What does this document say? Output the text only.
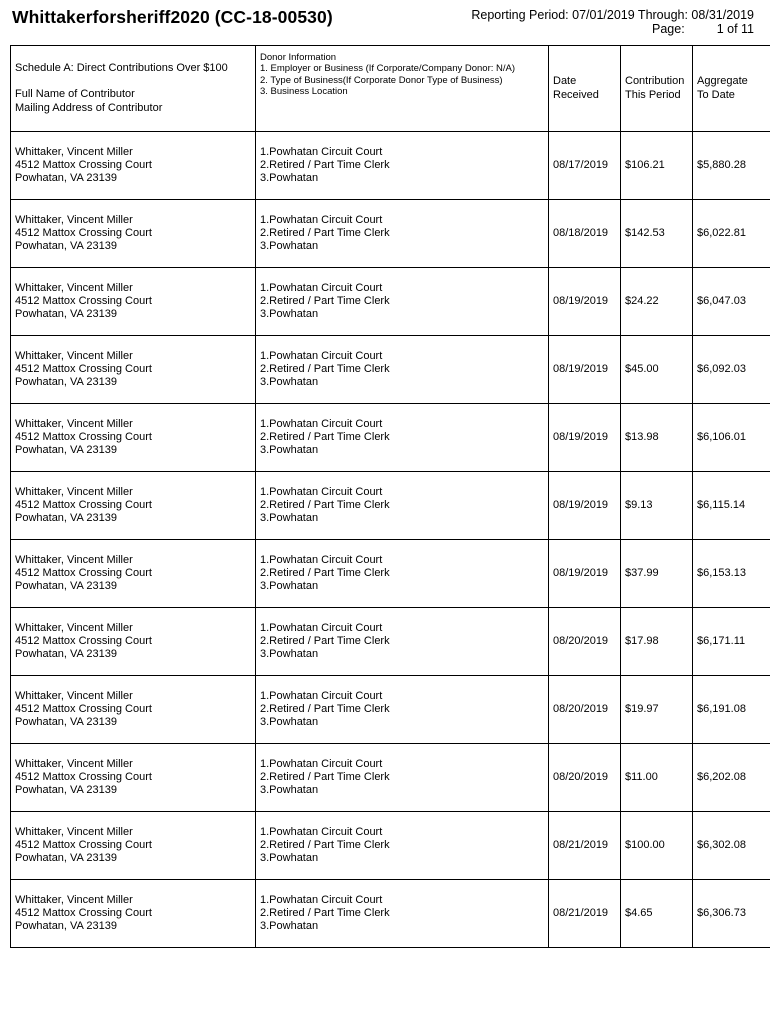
Whittakerforsheriff2020 (CC-18-00530)	Reporting Period: 07/01/2019 Through: 08/31/2019
Page:	1 of 11
Schedule A: Direct Contributions Over $100
Full Name of Contributor
Mailing Address of Contributor	Donor Information
1. Employer or Business (If Corporate/Company Donor: N/A)
2. Type of Business(If Corporate Donor Type of Business)
3. Business Location	Date
Received	Contribution
This Period	Aggregate
To Date

Whittaker, Vincent Miller
4512 Mattox Crossing Court
Powhatan, VA 23139	1.Powhatan Circuit Court
2.Retired / Part Time Clerk
3.Powhatan	08/17/2019	$106.21	$5,880.28

Whittaker, Vincent Miller
4512 Mattox Crossing Court
Powhatan, VA 23139	1.Powhatan Circuit Court
2.Retired / Part Time Clerk
3.Powhatan	08/18/2019	$142.53	$6,022.81

Whittaker, Vincent Miller
4512 Mattox Crossing Court
Powhatan, VA 23139	1.Powhatan Circuit Court
2.Retired / Part Time Clerk
3.Powhatan	08/19/2019	$24.22	$6,047.03

Whittaker, Vincent Miller
4512 Mattox Crossing Court
Powhatan, VA 23139	1.Powhatan Circuit Court
2.Retired / Part Time Clerk
3.Powhatan	08/19/2019	$45.00	$6,092.03

Whittaker, Vincent Miller
4512 Mattox Crossing Court
Powhatan, VA 23139	1.Powhatan Circuit Court
2.Retired / Part Time Clerk
3.Powhatan	08/19/2019	$13.98	$6,106.01

Whittaker, Vincent Miller
4512 Mattox Crossing Court
Powhatan, VA 23139	1.Powhatan Circuit Court
2.Retired / Part Time Clerk
3.Powhatan	08/19/2019	$9.13	$6,115.14

Whittaker, Vincent Miller
4512 Mattox Crossing Court
Powhatan, VA 23139	1.Powhatan Circuit Court
2.Retired / Part Time Clerk
3.Powhatan	08/19/2019	$37.99	$6,153.13

Whittaker, Vincent Miller
4512 Mattox Crossing Court
Powhatan, VA 23139	1.Powhatan Circuit Court
2.Retired / Part Time Clerk
3.Powhatan	08/20/2019	$17.98	$6,171.11

Whittaker, Vincent Miller
4512 Mattox Crossing Court
Powhatan, VA 23139	1.Powhatan Circuit Court
2.Retired / Part Time Clerk
3.Powhatan	08/20/2019	$19.97	$6,191.08

Whittaker, Vincent Miller
4512 Mattox Crossing Court
Powhatan, VA 23139	1.Powhatan Circuit Court
2.Retired / Part Time Clerk
3.Powhatan	08/20/2019	$11.00	$6,202.08

Whittaker, Vincent Miller
4512 Mattox Crossing Court
Powhatan, VA 23139	1.Powhatan Circuit Court
2.Retired / Part Time Clerk
3.Powhatan	08/21/2019	$100.00	$6,302.08

Whittaker, Vincent Miller
4512 Mattox Crossing Court
Powhatan, VA 23139	1.Powhatan Circuit Court
2.Retired / Part Time Clerk
3.Powhatan	08/21/2019	$4.65	$6,306.73
